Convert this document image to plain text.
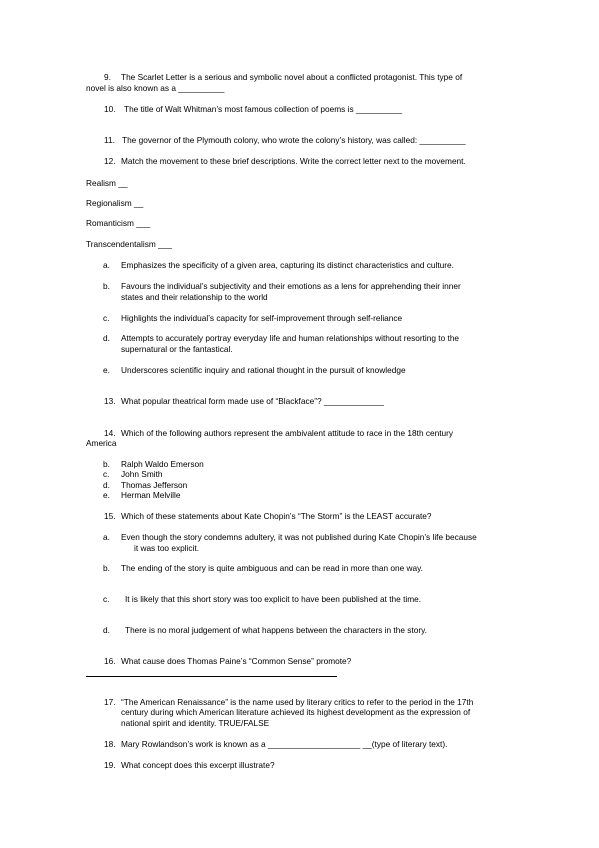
9. The Scarlet Letter is a serious and symbolic novel about a conflicted protagonist. This type of
novel is also known as a __________
10. The title of Walt Whitman’s most famous collection of poems is __________
11. The governor of the Plymouth colony, who wrote the colony’s history, was called: __________
12. Match the movement to these brief descriptions. Write the correct letter next to the movement.
Realism __
Regionalism __
Romanticism ___
Transcendentalism ___
a. Emphasizes the specificity of a given area, capturing its distinct characteristics and culture.
b. Favours the individual’s subjectivity and their emotions as a lens for apprehending their inner
states and their relationship to the world
c. Highlights the individual’s capacity for self-improvement through self-reliance
d. Attempts to accurately portray everyday life and human relationships without resorting to the
supernatural or the fantastical.
e. Underscores scientific inquiry and rational thought in the pursuit of knowledge
13. What popular theatrical form made use of “Blackface”? _____________
14. Which of the following authors represent the ambivalent attitude to race in the 18th century
America
b. Ralph Waldo Emerson
c. John Smith
d. Thomas Jefferson
e. Herman Melville
15. Which of these statements about Kate Chopin’s “The Storm” is the LEAST accurate?
a. Even though the story condemns adultery, it was not published during Kate Chopin’s life because
it was too explicit.
b. The ending of the story is quite ambiguous and can be read in more than one way.
c. It is likely that this short story was too explicit to have been published at the time.
d. There is no moral judgement of what happens between the characters in the story.
16. What cause does Thomas Paine’s “Common Sense” promote?
17. “The American Renaissance” is the name used by literary critics to refer to the period in the 17th
century during which American literature achieved its highest development as the expression of
national spirit and identity. TRUE/FALSE
18. Mary Rowlandson’s work is known as a ____________________ __(type of literary text).
19. What concept does this excerpt illustrate?
